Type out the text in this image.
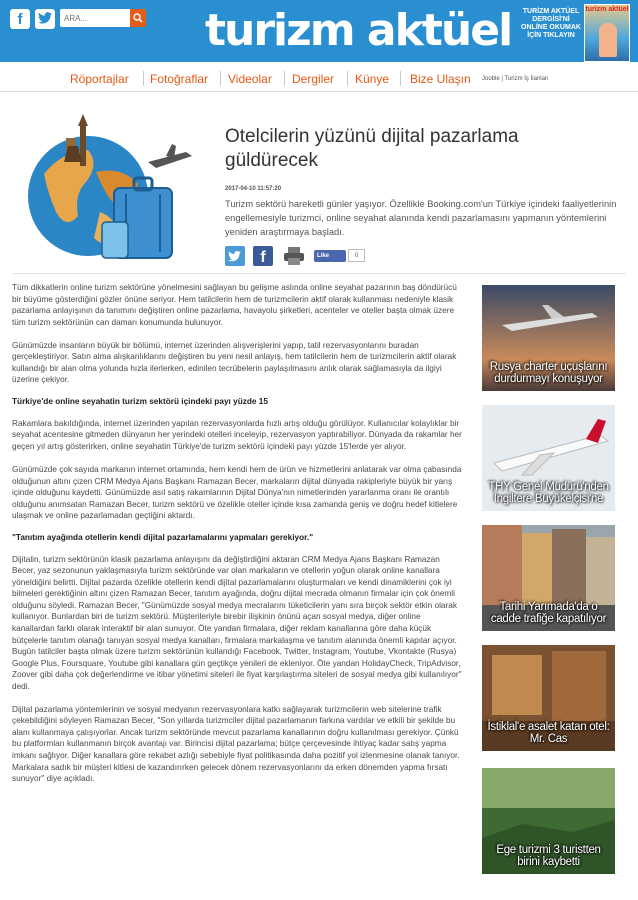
f
ARA...	turizm aktüel	TURİZM AKTÜEL
DERGİSİ'Nİ
ONLİNE OKUMAK
İÇİN TIKLAYIN
turizm aktüel
Röportajlar Fotoğraflar Videolar Dergiler Künye Bize Ulaşın Jooble | Turizm İş İlanları
Otelcilerin yüzünü dijital pazarlama güldürecek
2017-04-10 11:57:20
Turizm sektörü hareketli günler yaşıyor. Özellikle Booking.com'un Türkiye içindeki faaliyetlerinin engellemesiyle turizmci, online seyahat alanında kendi pazarlamasını yapmanın yöntemlerini yeniden araştırmaya başladı.
f	Like	0

Tüm dikkatlerin online turizm sektörüne yönelmesini sağlayan bu gelişme aslında online seyahat pazarının baş döndürücü bir büyüme gösterdiğini gözler önüne seriyor. Hem tatilcilerin hem de turizmcilerin aktif olarak kullanması nedeniyle klasik pazarlama anlayışının da tanımını değiştiren online pazarlama, havayolu şirketleri, acenteler ve oteller başta olmak üzere tüm turizm sektörünün can damarı konumunda bulunuyor.

Günümüzde insanların büyük bir bölümü, internet üzerinden alışverişlerini yapıp, tatil rezervasyonlarını buradan gerçekleştiriyor. Satın alma alışkanlıklarını değiştiren bu yeni nesil anlayış, hem tatilcilerin hem de turizmcilerin aktif olarak kullandığı bir alan olma yolunda hızla ilerlerken, edinilen tecrübelerin paylaşılmasını anlık olarak sağlamasıyla da ilgiyi üzerine çekiyor.

Türkiye'de online seyahatin turizm sektörü içindeki payı yüzde 15

Rakamlara bakıldığında, internet üzerinden yapılan rezervasyonlarda hızlı artış olduğu görülüyor. Kullanıcılar kolaylıklar bir seyahat acentesine gitmeden dünyanın her yerindeki otelleri inceleyip, rezervasyon yaptırabiliyor. Dünyada da rakamlar her geçen yıl artış gösterirken, online seyahatin Türkiye'de turizm sektörü içindeki payı yüzde 15'lerde yer alıyor.

Günümüzde çok sayıda markanın internet ortamında, hem kendi hem de ürün ve hizmetlerini anlatarak var olma çabasında olduğunun altını çizen CRM Medya Ajans Başkanı Ramazan Becer, markaların dijital dünyada rakipleriyle büyük bir yarış içinde olduğunu kaydetti. Günümüzde asıl satış rakamlarının Dijital Dünya'nın nimetlerinden yararlanma oranı ile orantılı olduğunu anımsatan Ramazan Becer, turizm sektörü ve özelikle oteller içinde kısa zamanda geniş ve doğru hedef kitlelere ulaşmak ve online pazarlamadan geçtiğini aktardı.

"Tanıtım ayağında otellerin kendi dijital pazarlamalarını yapmaları gerekiyor."

Dijitalin, turizm sektörünün klasik pazarlama anlayışını da değiştirdiğini aktaran CRM Medya Ajans Başkanı Ramazan Becer, yaz sezonunun yaklaşmasıyla turizm sektöründe var olan markaların ve otellerin yoğun olarak online kanallara yöneldiğini belirtti. Dijital pazarda özelikle otellerin kendi dijital pazarlamalarını oluşturmaları ve kendi dinamiklerini çok iyi bilmeleri gerektiğinin altını çizen Ramazan Becer, tanıtım ayağında, doğru dijital mecrada olmanın firmalar için çok önemli olduğunu söyledi. Ramazan Becer, "Günümüzde sosyal medya mecralarını tüketicilerin yanı sıra birçok sektör etkin olarak kullanıyor. Bunlardan biri de turizm sektörü. Müşterileriyle birebir ilişkinin önünü açan sosyal medya, diğer online kanallardan farklı olarak interaktif bir alan sunuyor. Öte yandan firmalara, diğer reklam kanallarına göre daha küçük bütçelerle tanıtım olanağı tanıyan sosyal medya kanalları, firmalara markalaşma ve tanıtım alanında önemli kapılar açıyor. Bugün tatilciler başta olmak üzere turizm sektörünün kullandığı Facebook, Twitter, Instagram, Youtube, Vkontakte (Rusya) Google Plus, Foursquare, Youtube gibi kanallara gün geçtikçe yenileri de ekleniyor. Öte yandan HolidayCheck, TripAdvisor, Zoover gibi daha çok değerlendirme ve itibar yönetimi siteleri ile fiyat karşılaştırma siteleri de sosyal medya gibi kullanılıyor" dedi.

Dijital pazarlama yöntemlerinin ve sosyal medyanın rezervasyonlara katkı sağlayarak turizmcilerin web sitelerine trafik çekebildiğini söyleyen Ramazan Becer, "Son yıllarda turizmciler dijital pazarlamanın farkına vardılar ve etkili bir şekilde bu alanı kullanmaya çalışıyorlar. Ancak turizm sektöründe mevcut pazarlama kanallarının doğru kullanılması gerekiyor. Çünkü bu platformları kullanmanın birçok avantajı var. Birincisi dijital pazarlama; bütçe çerçevesinde ihtiyaç kadar satış yapma imkanı sağlıyor. Diğer kanallara göre rekabet azlığı sebebiyle fiyat politikasında daha pozitif yol izlenmesine olanak tanıyor. Markalara sadık bir müşteri kitlesi de kazandırırken gelecek dönem rezervasyonlarını da erken dönemden yapma fırsatı sunuyor" diye açıkladı.

Rusya charter uçuşlarını durdurmayı konuşuyor
THY Genel Müdürü'nden İngiltere Büyükelçisi'ne
Tarihi Yarımada'da o cadde trafiğe kapatılıyor
İstiklal'e asalet katan otel: Mr. Cas
Ege turizmi 3 turistten birini kaybetti
